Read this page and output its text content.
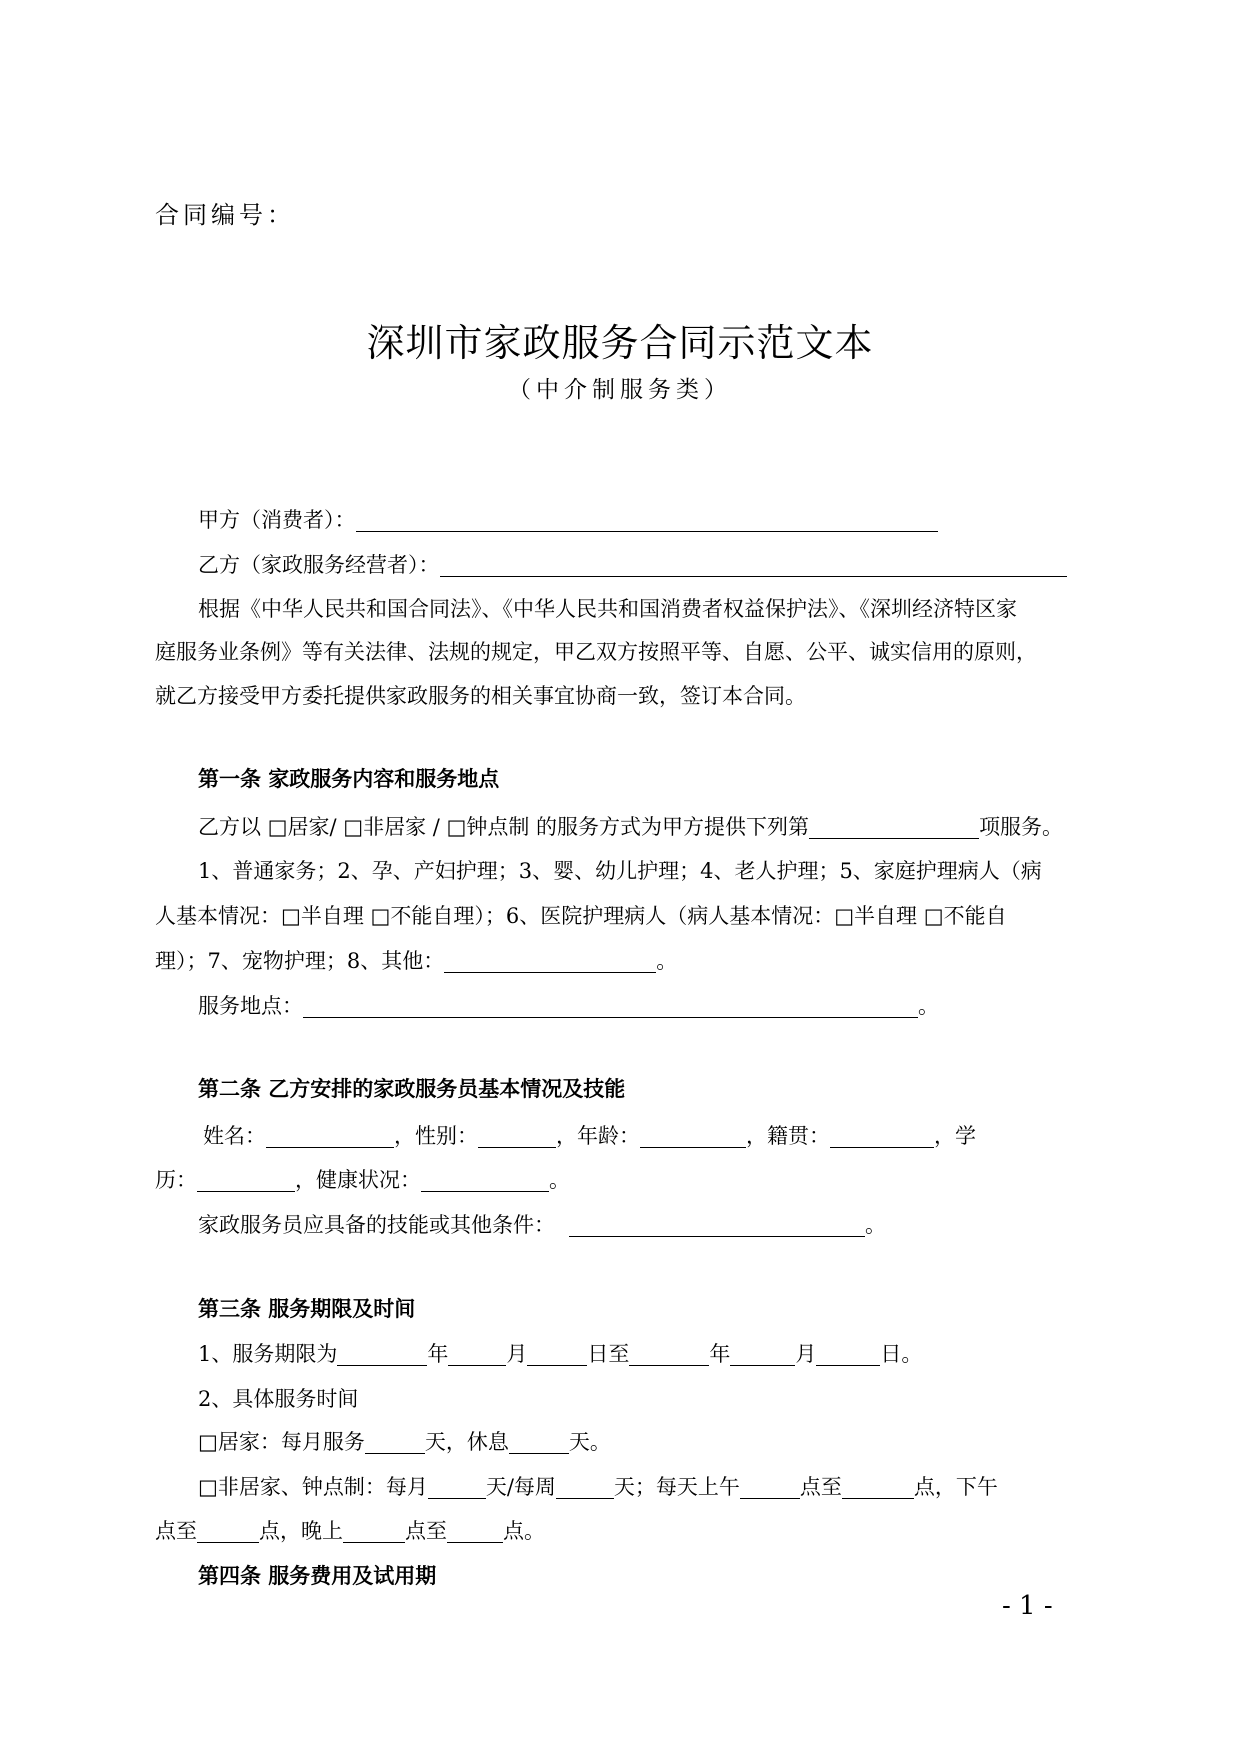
合同编号：
深圳市家政服务合同示范文本
（中介制服务类）
甲方（消费者）：
乙方（家政服务经营者）：
根据《中华人民共和国合同法》、《中华人民共和国消费者权益保护法》、《深圳经济特区家
庭服务业条例》等有关法律、法规的规定，甲乙双方按照平等、自愿、公平、诚实信用的原则，
就乙方接受甲方委托提供家政服务的相关事宜协商一致，签订本合同。
第一条 家政服务内容和服务地点
乙方以 □居家/ □非居家 / □钟点制 的服务方式为甲方提供下列第	项服务。
1、普通家务；2、孕、产妇护理；3、婴、幼儿护理；4、老人护理；5、家庭护理病人（病
人基本情况：□半自理 □不能自理）；6、医院护理病人（病人基本情况：□半自理 □不能自
理）；7、宠物护理；8、其他：	。
服务地点：	。
第二条 乙方安排的家政服务员基本情况及技能
姓名：	，性别：	，年龄：	，籍贯：	，学
历：	，健康状况：	。
家政服务员应具备的技能或其他条件：	。
第三条 服务期限及时间
1、服务期限为	年	月	日至	年	月	日。
2、具体服务时间
□居家：每月服务	天，休息	天。
□非居家、钟点制：每月	天/每周	天；每天上午	点至	点，下午
点至	点，晚上	点至	点。
第四条 服务费用及试用期
- 1 -
